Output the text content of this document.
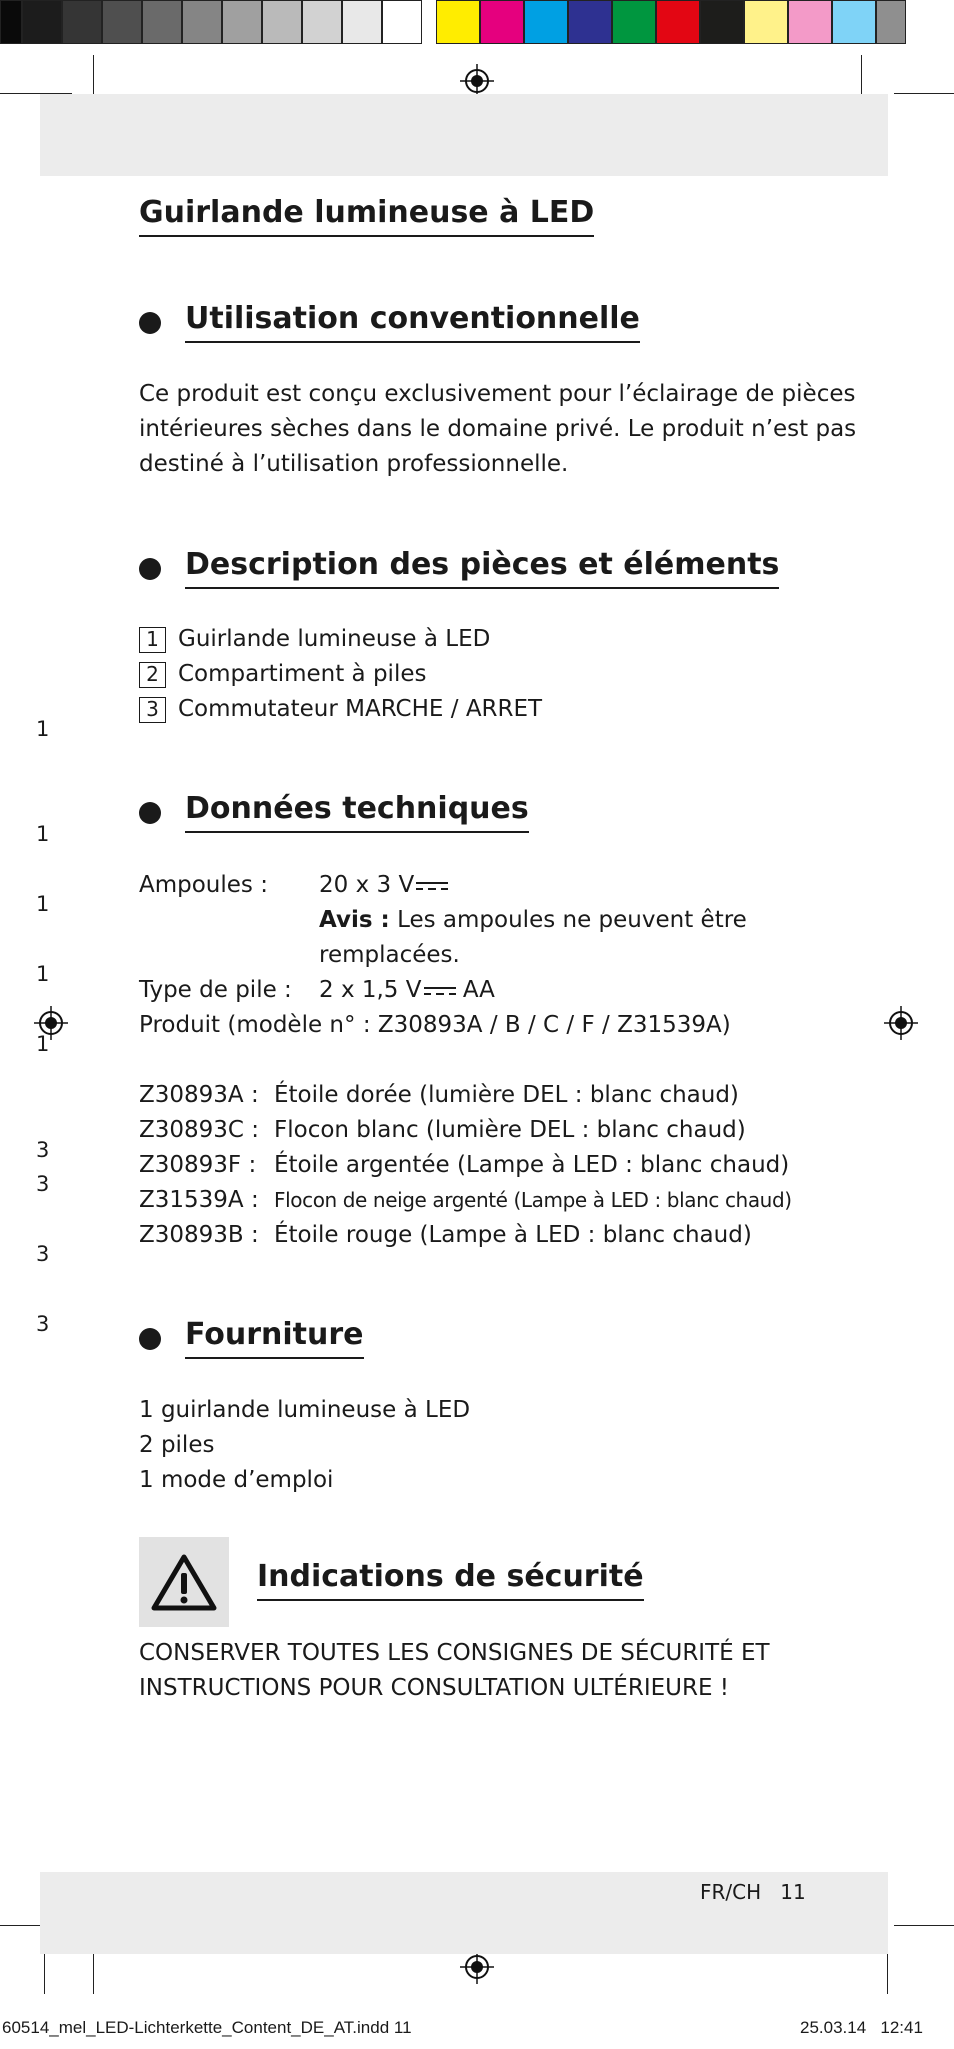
1
1
1
1
1
3
3
3
3
Guirlande lumineuse à LED
Utilisation conventionnelle
Ce produit est conçu exclusivement pour l’éclairage de pièces
intérieures sèches dans le domaine privé. Le produit n’est pas
destiné à l’utilisation professionnelle.
Description des pièces et éléments
1 Guirlande lumineuse à LED
2 Compartiment à piles
3 Commutateur MARCHE / ARRET
Données techniques
Ampoules :	20 x 3 V
Avis : Les ampoules ne peuvent être
remplacées.
Type de pile :	2 x 1,5 V AA
Produit (modèle n° : Z30893A / B / C / F / Z31539A)
Z30893A : Étoile dorée (lumière DEL : blanc chaud)
Z30893C : Flocon blanc (lumière DEL : blanc chaud)
Z30893F : Étoile argentée (Lampe à LED : blanc chaud)
Z31539A : Flocon de neige argenté (Lampe à LED : blanc chaud)
Z30893B : Étoile rouge (Lampe à LED : blanc chaud)
Fourniture
1 guirlande lumineuse à LED
2 piles
1 mode d’emploi
Indications de sécurité
CONSERVER TOUTES LES CONSIGNES DE SÉCURITÉ ET
INSTRUCTIONS POUR CONSULTATION ULTÉRIEURE !
FR/CH 11
60514_mel_LED-Lichterkette_Content_DE_AT.indd 11	25.03.14 12:41
